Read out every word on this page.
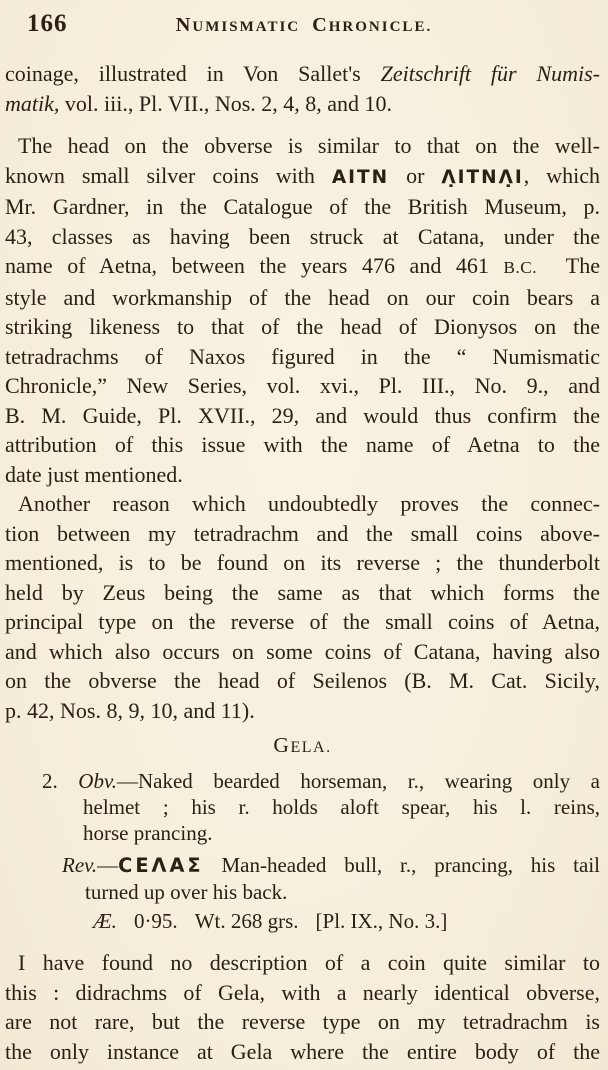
166	NUMISMATIC CHRONICLE.
coinage, illustrated in Von Sallet's Zeitschrift für Numis-
matik, vol. iii., Pl. VII., Nos. 2, 4, 8, and 10.
The head on the obverse is similar to that on the well-
known small silver coins with AITN or Λ̣ITNΛ̣I, which
Mr. Gardner, in the Catalogue of the British Museum, p.
43, classes as having been struck at Catana, under the
name of Aetna, between the years 476 and 461 B.C.  The
style and workmanship of the head on our coin bears a
striking likeness to that of the head of Dionysos on the
tetradrachms of Naxos figured in the “ Numismatic
Chronicle,” New Series, vol. xvi., Pl. III., No. 9., and
B. M. Guide, Pl. XVII., 29, and would thus confirm the
attribution of this issue with the name of Aetna to the
date just mentioned.
Another reason which undoubtedly proves the connec-
tion between my tetradrachm and the small coins above-
mentioned, is to be found on its reverse ; the thunderbolt
held by Zeus being the same as that which forms the
principal type on the reverse of the small coins of Aetna,
and which also occurs on some coins of Catana, having also
on the obverse the head of Seilenos (B. M. Cat. Sicily,
p. 42, Nos. 8, 9, 10, and 11).
GELA.
2. Obv.—Naked bearded horseman, r., wearing only a
helmet ; his r. holds aloft spear, his l. reins,
horse prancing.
Rev.—CEΛΑΣ Man-headed bull, r., prancing, his tail
turned up over his back.
Æ. 0·95. Wt. 268 grs. [Pl. IX., No. 3.]
I have found no description of a coin quite similar to
this : didrachms of Gela, with a nearly identical obverse,
are not rare, but the reverse type on my tetradrachm is
the only instance at Gela where the entire body of the
